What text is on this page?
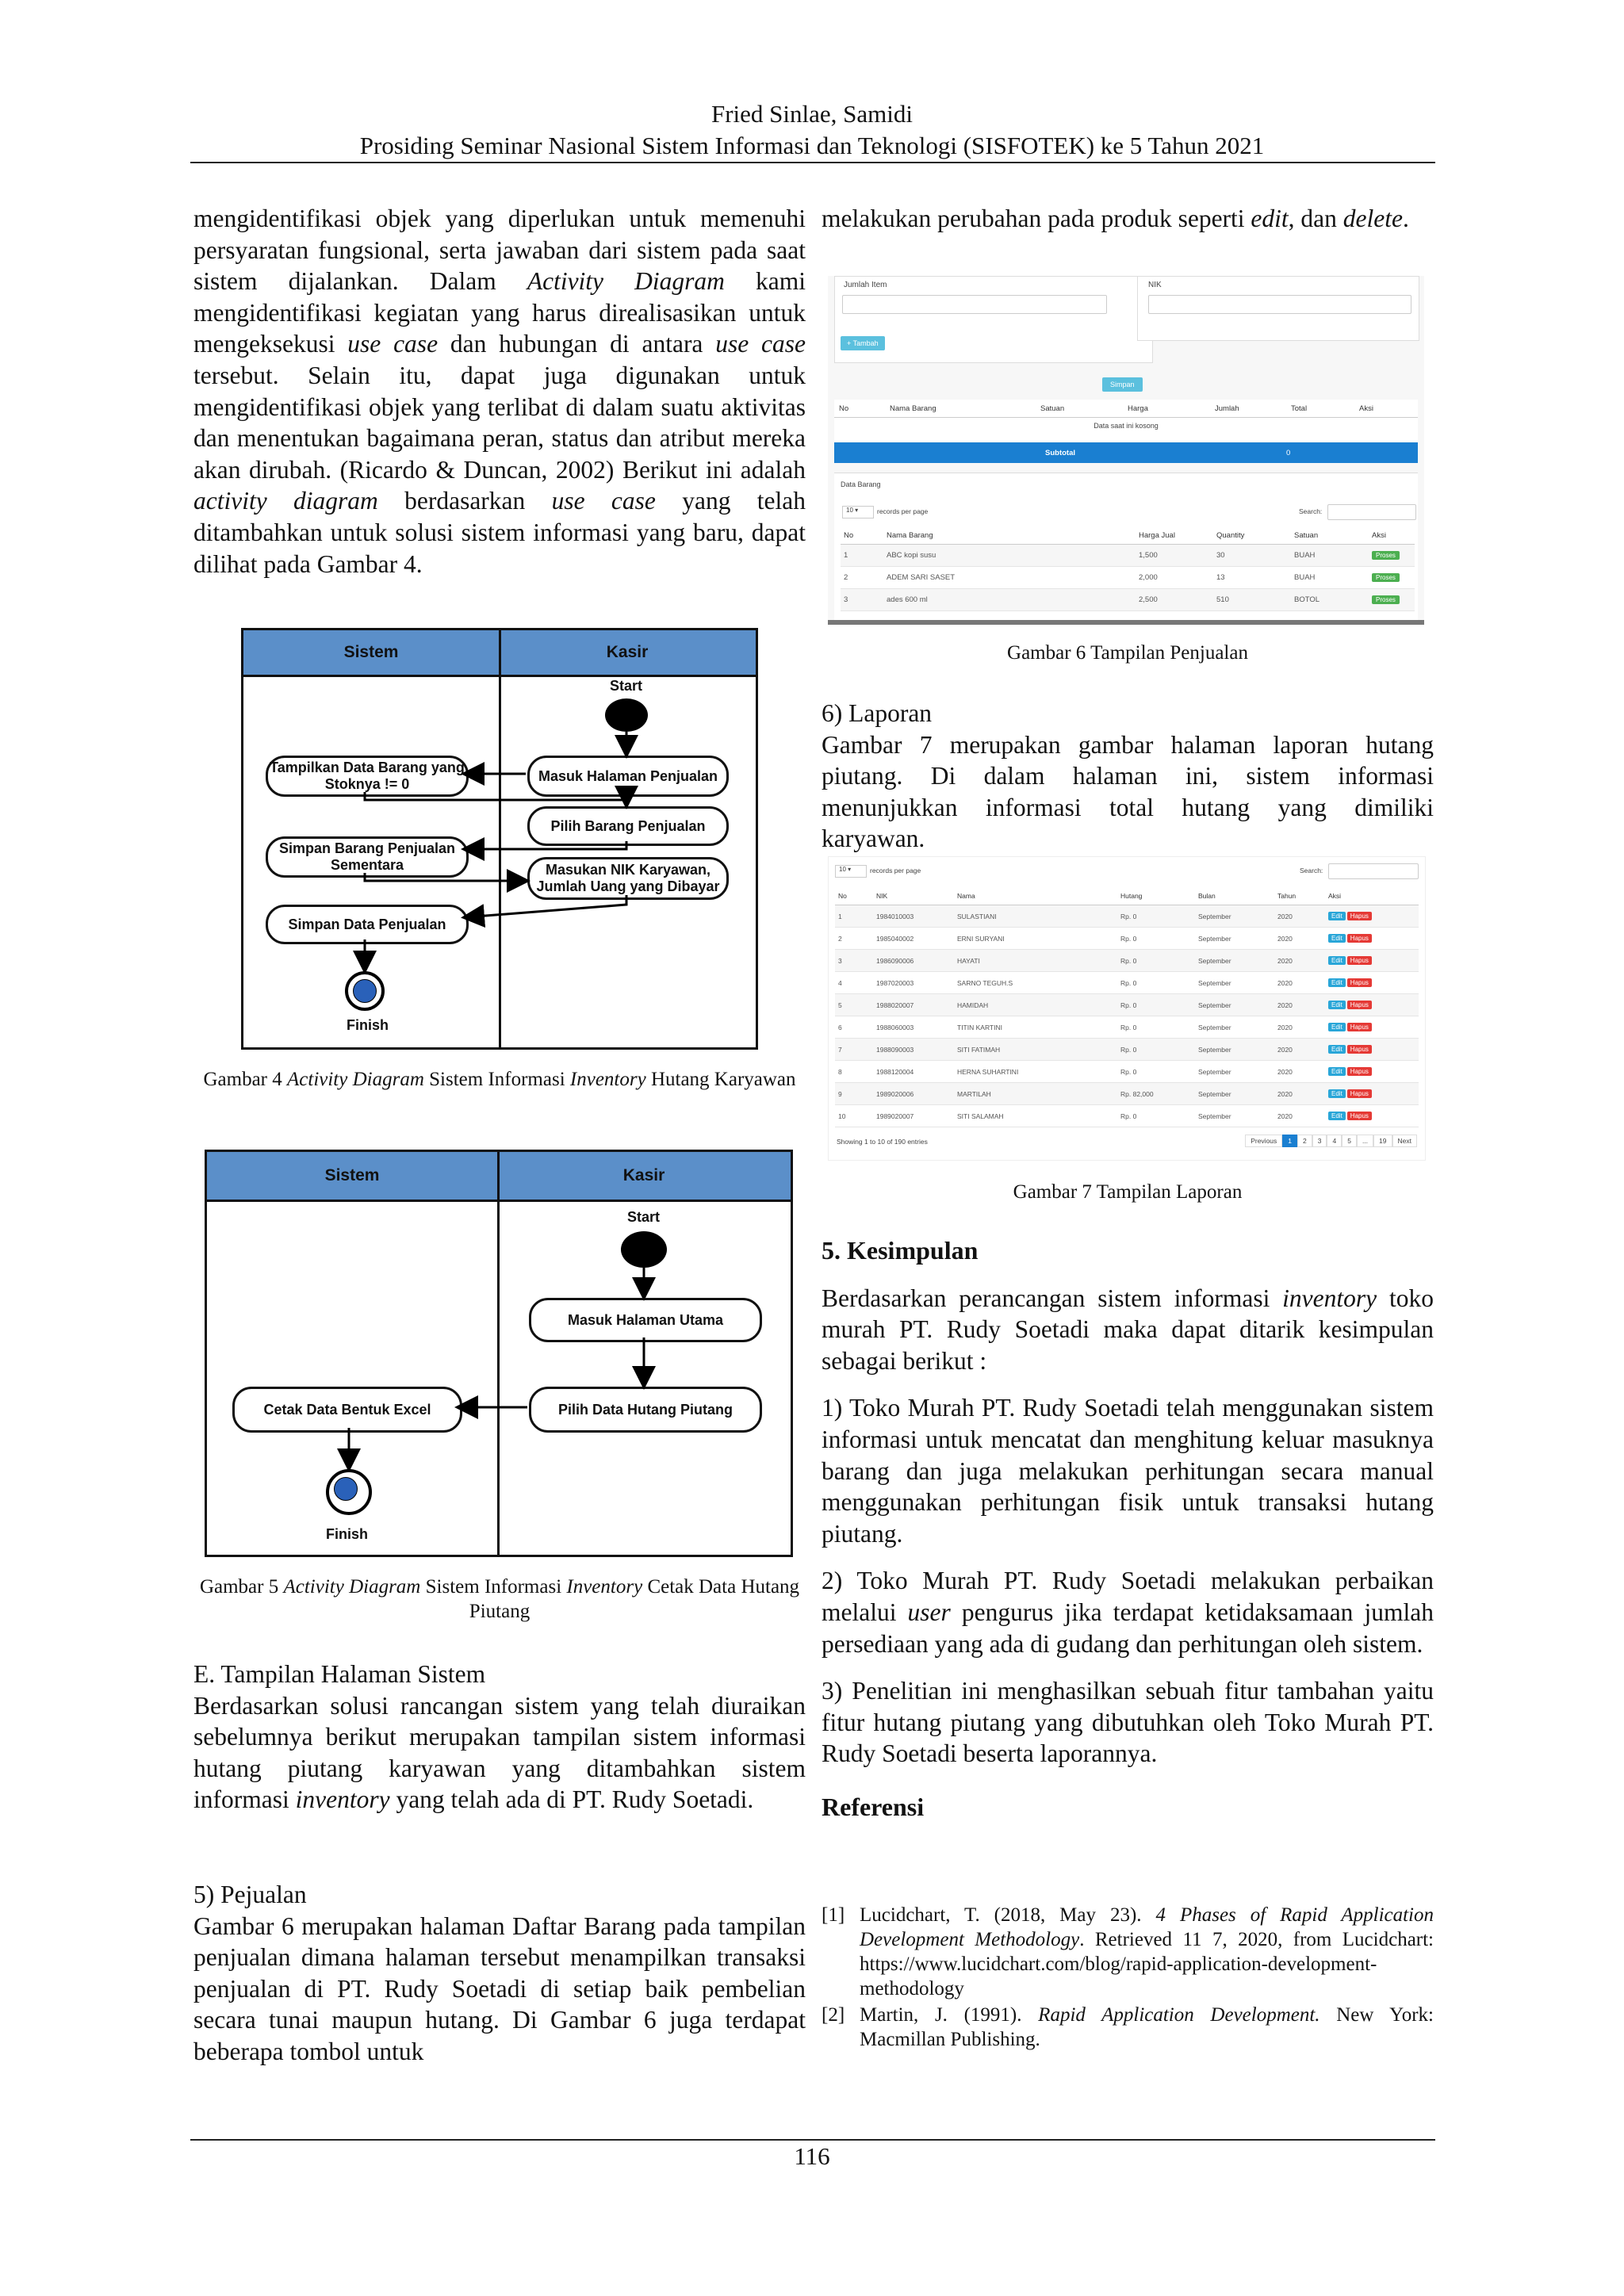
Fried Sinlae, Samidi
Prosiding Seminar Nasional Sistem Informasi dan Teknologi (SISFOTEK) ke 5 Tahun 2021

mengidentifikasi objek yang diperlukan untuk memenuhi persyaratan fungsional, serta jawaban dari sistem pada saat sistem dijalankan. Dalam Activity Diagram kami mengidentifikasi kegiatan yang harus direalisasikan untuk mengeksekusi use case dan hubungan di antara use case tersebut. Selain itu, dapat juga digunakan untuk mengidentifikasi objek yang terlibat di dalam suatu aktivitas dan menentukan bagaimana peran, status dan atribut mereka akan dirubah. (Ricardo & Duncan, 2002) Berikut ini adalah activity diagram berdasarkan use case yang telah ditambahkan untuk solusi sistem informasi yang baru, dapat dilihat pada Gambar 4.

Sistem	Kasir
Start
Masuk Halaman Penjualan
Tampilkan Data Barang yang Stoknya != 0
Pilih Barang Penjualan
Simpan Barang Penjualan Sementara	Masukan NIK Karyawan, Jumlah Uang yang Dibayar
Simpan Data Penjualan
Finish
Gambar 4 Activity Diagram Sistem Informasi Inventory Hutang Karyawan
Sistem	Kasir
Start
Masuk Halaman Utama
Pilih Data Hutang Piutang
Cetak Data Bentuk Excel
Finish
Gambar 5 Activity Diagram Sistem Informasi Inventory Cetak Data Hutang Piutang

E. Tampilan Halaman Sistem

Berdasarkan solusi rancangan sistem yang telah diuraikan sebelumnya berikut merupakan tampilan sistem informasi hutang piutang karyawan yang ditambahkan sistem informasi inventory yang telah ada di PT. Rudy Soetadi.

5) Pejualan

Gambar 6 merupakan halaman Daftar Barang pada tampilan penjualan dimana halaman tersebut menampilkan transaksi penjualan di PT. Rudy Soetadi di setiap baik pembelian secara tunai maupun hutang. Di Gambar 6 juga terdapat beberapa tombol untuk

melakukan perubahan pada produk seperti edit, dan delete.

Jumlah Item	NIK
+ Tambah
Simpan
No	Nama Barang	Satuan	Harga	Jumlah	Total	Aksi
Data saat ini kosong
Subtotal	0
Data Barang
10 ▾	records per page	Search:
No	Nama Barang	Harga Jual	Quantity	Satuan	Aksi
1	ABC kopi susu	1,500	30	BUAH	Proses
2	ADEM SARI SASET	2,000	13	BUAH	Proses
3	ades 600 ml	2,500	510	BOTOL	Proses
Gambar 6 Tampilan Penjualan

6) Laporan

Gambar 7 merupakan gambar halaman laporan hutang piutang. Di dalam halaman ini, sistem informasi menunjukkan informasi total hutang yang dimiliki karyawan.

10 ▾	records per page	Search:
No	NIK	Nama	Hutang	Bulan	Tahun	Aksi
1	1984010003	SULASTIANI	Rp. 0	September	2020	Edit Hapus
2	1985040002	ERNI SURYANI	Rp. 0	September	2020	Edit Hapus
3	1986090006	HAYATI	Rp. 0	September	2020	Edit Hapus
4	1987020003	SARNO TEGUH.S	Rp. 0	September	2020	Edit Hapus
5	1988020007	HAMIDAH	Rp. 0	September	2020	Edit Hapus
6	1988060003	TITIN KARTINI	Rp. 0	September	2020	Edit Hapus
7	1988090003	SITI FATIMAH	Rp. 0	September	2020	Edit Hapus
8	1988120004	HERNA SUHARTINI	Rp. 0	September	2020	Edit Hapus
9	1989020006	MARTILAH	Rp. 82,000	September	2020	Edit Hapus
10	1989020007	SITI SALAMAH	Rp. 0	September	2020	Edit Hapus
Showing 1 to 10 of 190 entries	Previous	1	2	3	4	5	...	19	Next
Gambar 7 Tampilan Laporan

5. Kesimpulan

Berdasarkan perancangan sistem informasi inventory toko murah PT. Rudy Soetadi maka dapat ditarik kesimpulan sebagai berikut :

1) Toko Murah PT. Rudy Soetadi telah menggunakan sistem informasi untuk mencatat dan menghitung keluar masuknya barang dan juga melakukan perhitungan secara manual menggunakan perhitungan fisik untuk transaksi hutang piutang.

2) Toko Murah PT. Rudy Soetadi melakukan perbaikan melalui user pengurus jika terdapat ketidaksamaan jumlah persediaan yang ada di gudang dan perhitungan oleh sistem.

3) Penelitian ini menghasilkan sebuah fitur tambahan yaitu fitur hutang piutang yang dibutuhkan oleh Toko Murah PT. Rudy Soetadi beserta laporannya.

Referensi

[1] Lucidchart, T. (2018, May 23). 4 Phases of Rapid Application Development Methodology. Retrieved 11 7, 2020, from Lucidchart: https://www.lucidchart.com/blog/rapid-application-development-methodology
[2] Martin, J. (1991). Rapid Application Development. New York: Macmillan Publishing.
116
